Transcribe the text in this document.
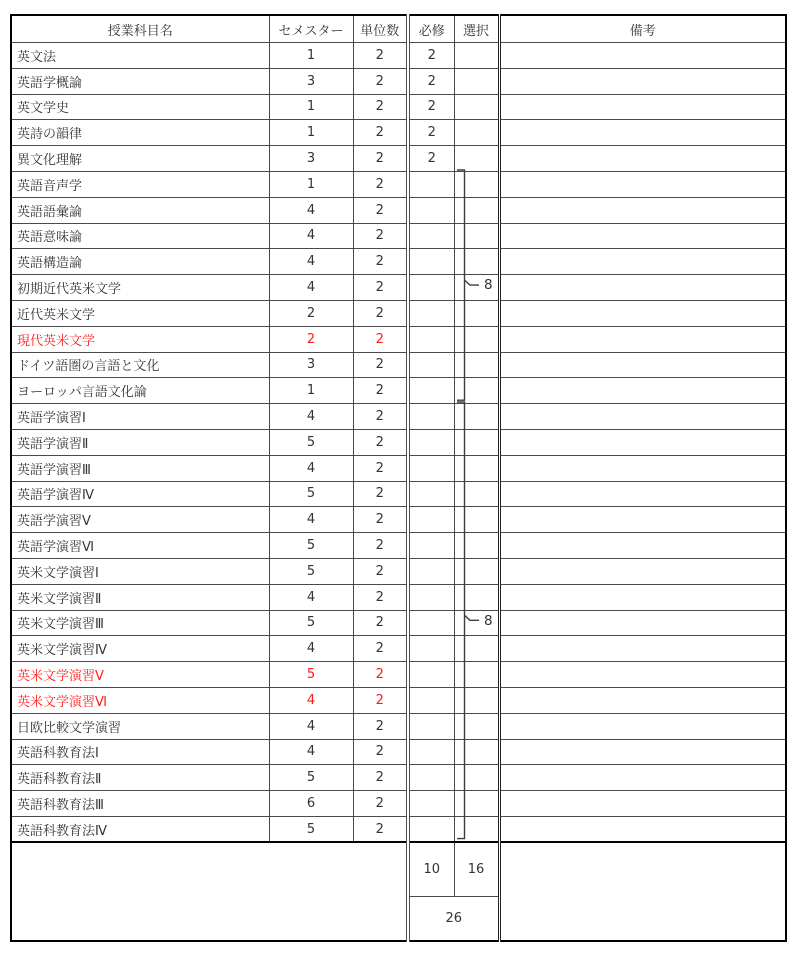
授業科目名	セメスター	単位数	必修	選択	備考
英文法	1	2	2		
英語学概論	3	2	2		
英文学史	1	2	2		
英詩の韻律	1	2	2		
異文化理解	3	2	2		
英語音声学	1	2			
英語語彙論	4	2			
英語意味論	4	2			
英語構造論	4	2			
初期近代英米文学	4	2			
近代英米文学	2	2			
現代英米文学	2	2			
ドイツ語圏の言語と文化	3	2			
ヨーロッパ言語文化論	1	2			
英語学演習Ⅰ	4	2			
英語学演習Ⅱ	5	2			
英語学演習Ⅲ	4	2			
英語学演習Ⅳ	5	2			
英語学演習Ⅴ	4	2			
英語学演習Ⅵ	5	2			
英米文学演習Ⅰ	5	2			
英米文学演習Ⅱ	4	2			
英米文学演習Ⅲ	5	2			
英米文学演習Ⅳ	4	2			
英米文学演習Ⅴ	5	2			
英米文学演習Ⅵ	4	2			
日欧比較文学演習	4	2			
英語科教育法Ⅰ	4	2			
英語科教育法Ⅱ	5	2			
英語科教育法Ⅲ	6	2			
英語科教育法Ⅳ	5	2			
			10	16	
			26		
8
8
